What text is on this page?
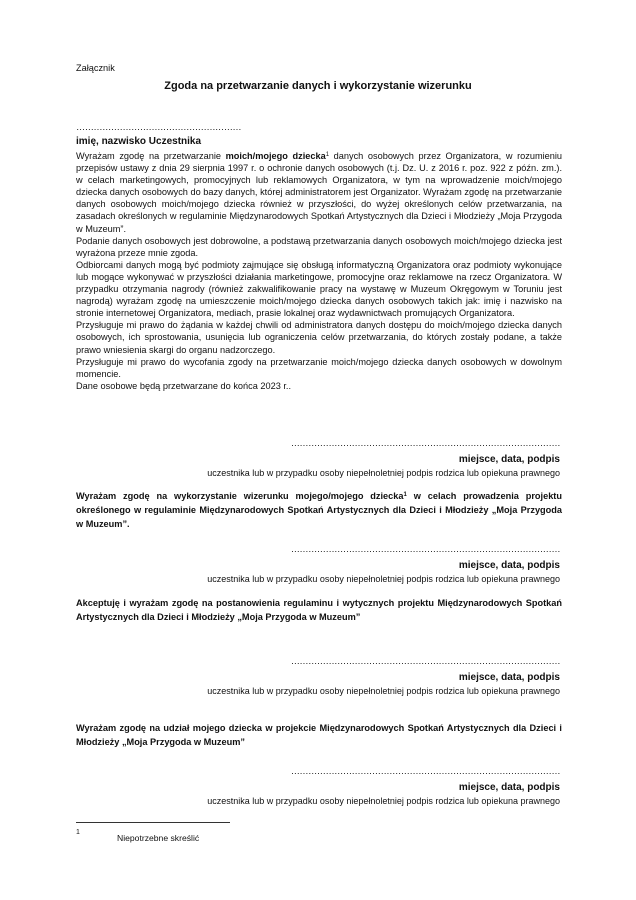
Załącznik
Zgoda na przetwarzanie danych i wykorzystanie wizerunku
…………………………………………………
imię, nazwisko Uczestnika

Wyrażam zgodę na przetwarzanie moich/mojego dziecka$^1$ danych osobowych przez Organizatora, w rozumieniu przepisów ustawy z dnia 29 sierpnia 1997 r. o ochronie danych osobowych (t.j. Dz. U. z 2016 r. poz. 922 z późn. zm.). w celach marketingowych, promocyjnych lub reklamowych Organizatora, w tym na wprowadzenie moich/mojego dziecka danych osobowych do bazy danych, której administratorem jest Organizator. Wyrażam zgodę na przetwarzanie danych osobowych moich/mojego dziecka również w przyszłości, do wyżej określonych celów przetwarzania, na zasadach określonych w regulaminie Międzynarodowych Spotkań Artystycznych dla Dzieci i Młodzieży „Moja Przygoda w Muzeum”.

Podanie danych osobowych jest dobrowolne, a podstawą przetwarzania danych osobowych moich/mojego dziecka jest wyrażona przeze mnie zgoda.

Odbiorcami danych mogą być podmioty zajmujące się obsługą informatyczną Organizatora oraz podmioty wykonujące lub mogące wykonywać w przyszłości działania marketingowe, promocyjne oraz reklamowe na rzecz Organizatora. W przypadku otrzymania nagrody (również zakwalifikowanie pracy na wystawę w Muzeum Okręgowym w Toruniu jest nagrodą) wyrażam zgodę na umieszczenie moich/mojego dziecka danych osobowych takich jak: imię i nazwisko na stronie internetowej Organizatora, mediach, prasie lokalnej oraz wydawnictwach promujących Organizatora.

Przysługuje mi prawo do żądania w każdej chwili od administratora danych dostępu do moich/mojego dziecka danych osobowych, ich sprostowania, usunięcia lub ograniczenia celów przetwarzania, do których zostały podane, a także prawo wniesienia skargi do organu nadzorczego.

Przysługuje mi prawo do wycofania zgody na przetwarzanie moich/mojego dziecka danych osobowych w dowolnym momencie.

Dane osobowe będą przetwarzane do końca 2023 r..

…………………………………………………………………………………
miejsce, data, podpis
uczestnika lub w przypadku osoby niepełnoletniej podpis rodzica lub opiekuna prawnego
Wyrażam zgodę na wykorzystanie wizerunku mojego/mojego dziecka$^1$ w celach prowadzenia projektu określonego w regulaminie Międzynarodowych Spotkań Artystycznych dla Dzieci i Młodzieży „Moja Przygoda w Muzeum”.
…………………………………………………………………………………
miejsce, data, podpis
uczestnika lub w przypadku osoby niepełnoletniej podpis rodzica lub opiekuna prawnego
Akceptuję i wyrażam zgodę na postanowienia regulaminu i wytycznych projektu Międzynarodowych Spotkań Artystycznych dla Dzieci i Młodzieży „Moja Przygoda w Muzeum”
…………………………………………………………………………………
miejsce, data, podpis
uczestnika lub w przypadku osoby niepełnoletniej podpis rodzica lub opiekuna prawnego
Wyrażam zgodę na udział mojego dziecka w projekcie Międzynarodowych Spotkań Artystycznych dla Dzieci i Młodzieży „Moja Przygoda w Muzeum”
…………………………………………………………………………………
miejsce, data, podpis
uczestnika lub w przypadku osoby niepełnoletniej podpis rodzica lub opiekuna prawnego
1
Niepotrzebne skreślić
